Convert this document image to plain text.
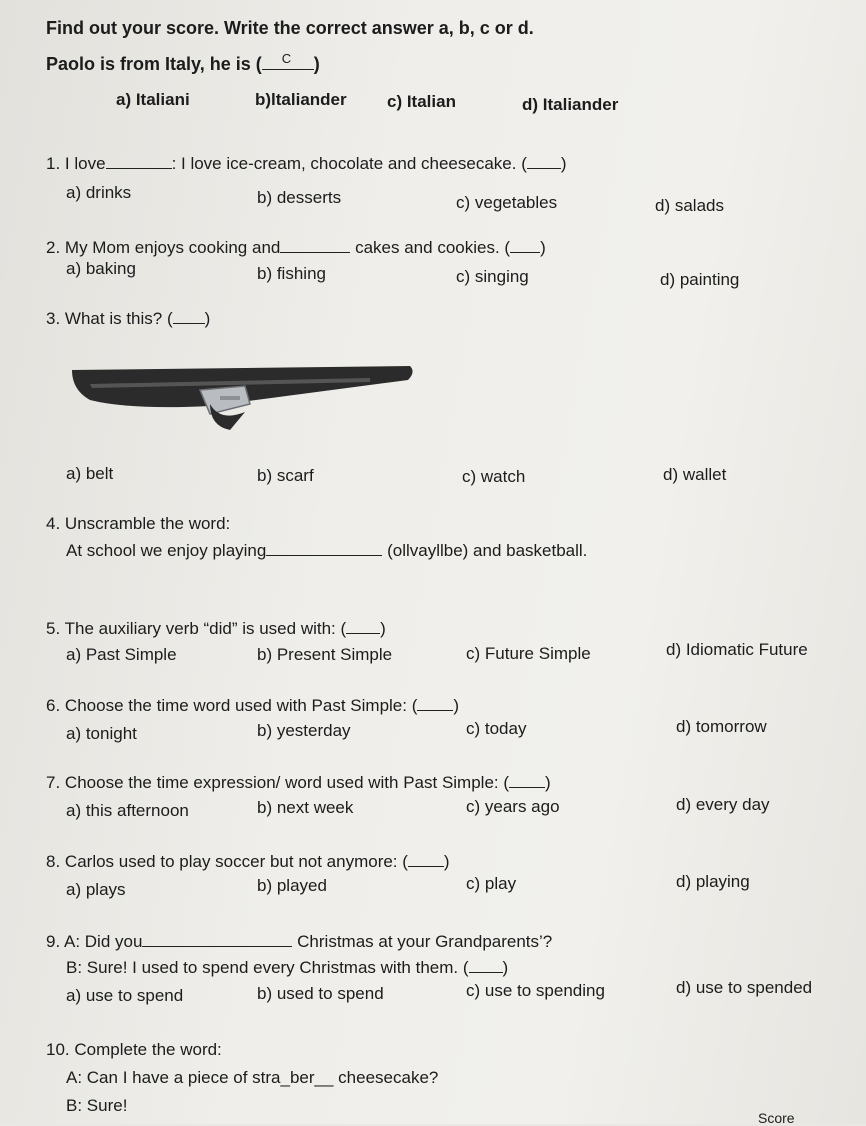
Find out your score. Write the correct answer a, b, c or d.
Paolo is from Italy, he is ( C )
a) Italiani	b)ltaliander c) Italian	d) Italiander
1. I love	: I love ice-cream, chocolate and cheesecake. ( )
a) drinks	b) desserts	c) vegetables	d) salads
2. My Mom enjoys cooking and	cakes and cookies. ( )
a) baking	b) fishing	c) singing	d) painting
3. What is this? ( )
a) belt	b) scarf	c) watch	d) wallet
4. Unscramble the word:
At school we enjoy playing	(ollvayllbe) and basketball.
5. The auxiliary verb “did” is used with: ( )
a) Past Simple	b) Present Simple	c) Future Simple	d) Idiomatic Future
6. Choose the time word used with Past Simple: ( )
a) tonight	b) yesterday	c) today	d) tomorrow
7. Choose the time expression/ word used with Past Simple: ( )
a) this afternoon	b) next week	c) years ago	d) every day
8. Carlos used to play soccer but not anymore: ( )
a) plays	b) played	c) play	d) playing
9. A: Did you	Christmas at your Grandparents’?
B: Sure! I used to spend every Christmas with them. ( )
a) use to spend	b) used to spend	c) use to spending	d) use to spended
10. Complete the word:
A: Can I have a piece of stra_ber__ cheesecake?
B: Sure!
Score
